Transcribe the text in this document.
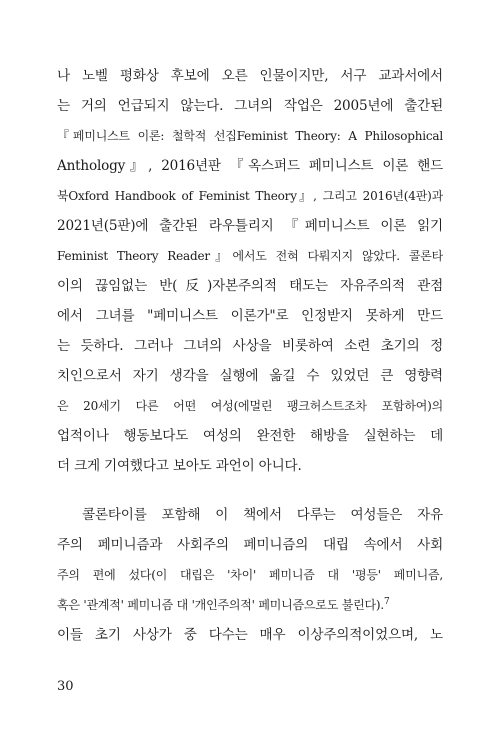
나 노벨 평화상 후보에 오른 인물이지만, 서구 교과서에서
는 거의 언급되지 않는다. 그녀의 작업은 2005년에 출간된
『페미니스트 이론: 철학적 선집Feminist Theory: A Philosophical
Anthology』, 2016년판 『옥스퍼드 페미니스트 이론 핸드
북Oxford Handbook of Feminist Theory』, 그리고 2016년(4판)과
2021년(5판)에 출간된 라우틀리지 『페미니스트 이론 읽기
Feminist Theory Reader』에서도 전혀 다뤄지지 않았다. 콜론타
이의 끊임없는 반(反)자본주의적 태도는 자유주의적 관점
에서 그녀를 "페미니스트 이론가"로 인정받지 못하게 만드
는 듯하다. 그러나 그녀의 사상을 비롯하여 소련 초기의 정
치인으로서 자기 생각을 실행에 옮길 수 있었던 큰 영향력
은 20세기 다른 어떤 여성(에멀린 팽크허스트조차 포함하여)의
업적이나 행동보다도 여성의 완전한 해방을 실현하는 데
더 크게 기여했다고 보아도 과언이 아니다.
콜론타이를 포함해 이 책에서 다루는 여성들은 자유
주의 페미니즘과 사회주의 페미니즘의 대립 속에서 사회
주의 편에 섰다(이 대립은 '차이' 페미니즘 대 '평등' 페미니즘,
혹은 '관계적' 페미니즘 대 '개인주의적' 페미니즘으로도 불린다).$^7$
이들 초기 사상가 중 다수는 매우 이상주의적이었으며, 노
30
